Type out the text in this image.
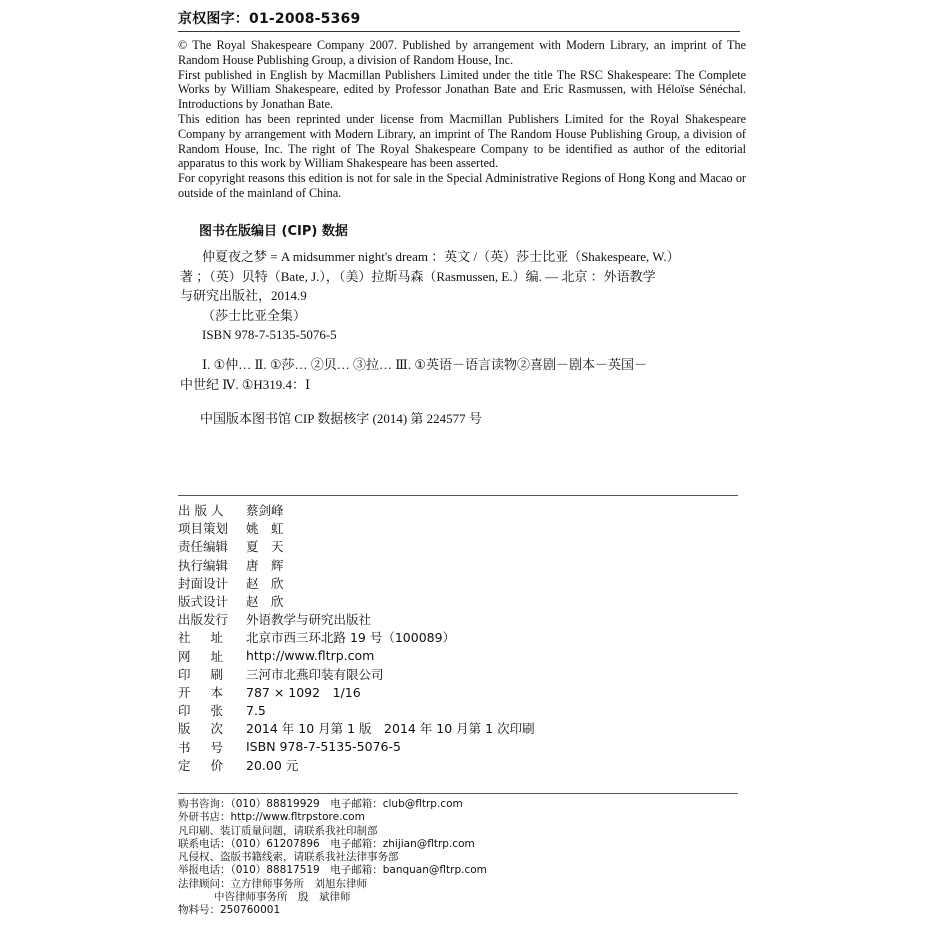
京权图字：01-2008-5369

© The Royal Shakespeare Company 2007. Published by arrangement with Modern Library, an imprint of The Random House Publishing Group, a division of Random House, Inc.

First published in English by Macmillan Publishers Limited under the title The RSC Shakespeare: The Complete Works by William Shakespeare, edited by Professor Jonathan Bate and Eric Rasmussen, with Héloïse Sénéchal. Introductions by Jonathan Bate.

This edition has been reprinted under license from Macmillan Publishers Limited for the Royal Shakespeare Company by arrangement with Modern Library, an imprint of The Random House Publishing Group, a division of Random House, Inc. The right of The Royal Shakespeare Company to be identified as author of the editorial apparatus to this work by William Shakespeare has been asserted.

For copyright reasons this edition is not for sale in the Special Administrative Regions of Hong Kong and Macao or outside of the mainland of China.

图书在版编目 (CIP) 数据
仲夏夜之梦 = A midsummer night's dream ：英文 /（英）莎士比亚（Shakespeare, W.）
著 ；（英）贝特（Bate, J.），（美）拉斯马森（Rasmussen, E.）编. — 北京 ：外语教学
与研究出版社，2014.9
（莎士比亚全集）
ISBN 978-7-5135-5076-5
Ⅰ. ①仲… Ⅱ. ①莎… ②贝… ③拉… Ⅲ. ①英语－语言读物②喜剧－剧本－英国－
中世纪 Ⅳ. ①H319.4：Ⅰ
中国版本图书馆 CIP 数据核字 (2014) 第 224577 号
出 版 人	蔡剑峰
项目策划	姚　虹
责任编辑	夏　天
执行编辑	唐　辉
封面设计	赵　欣
版式设计	赵　欣
出版发行	外语教学与研究出版社
社址 北京市西三环北路 19 号（100089）
网址 http://www.fltrp.com
印刷 三河市北燕印装有限公司
开本 787 × 1092　1/16
印张 7.5
版次 2014 年 10 月第 1 版　2014 年 10 月第 1 次印刷
书号 ISBN 978-7-5135-5076-5
定价 20.00 元
购书咨询：（010）88819929　电子邮箱：club@fltrp.com
外研书店：http://www.fltrpstore.com
凡印刷、装订质量问题，请联系我社印制部
联系电话：（010）61207896　电子邮箱：zhijian@fltrp.com
凡侵权、盗版书籍线索，请联系我社法律事务部
举报电话：（010）88817519　电子邮箱：banquan@fltrp.com
法律顾问：立方律师事务所　刘旭东律师
中咨律师事务所　殷　斌律师
物料号：250760001
